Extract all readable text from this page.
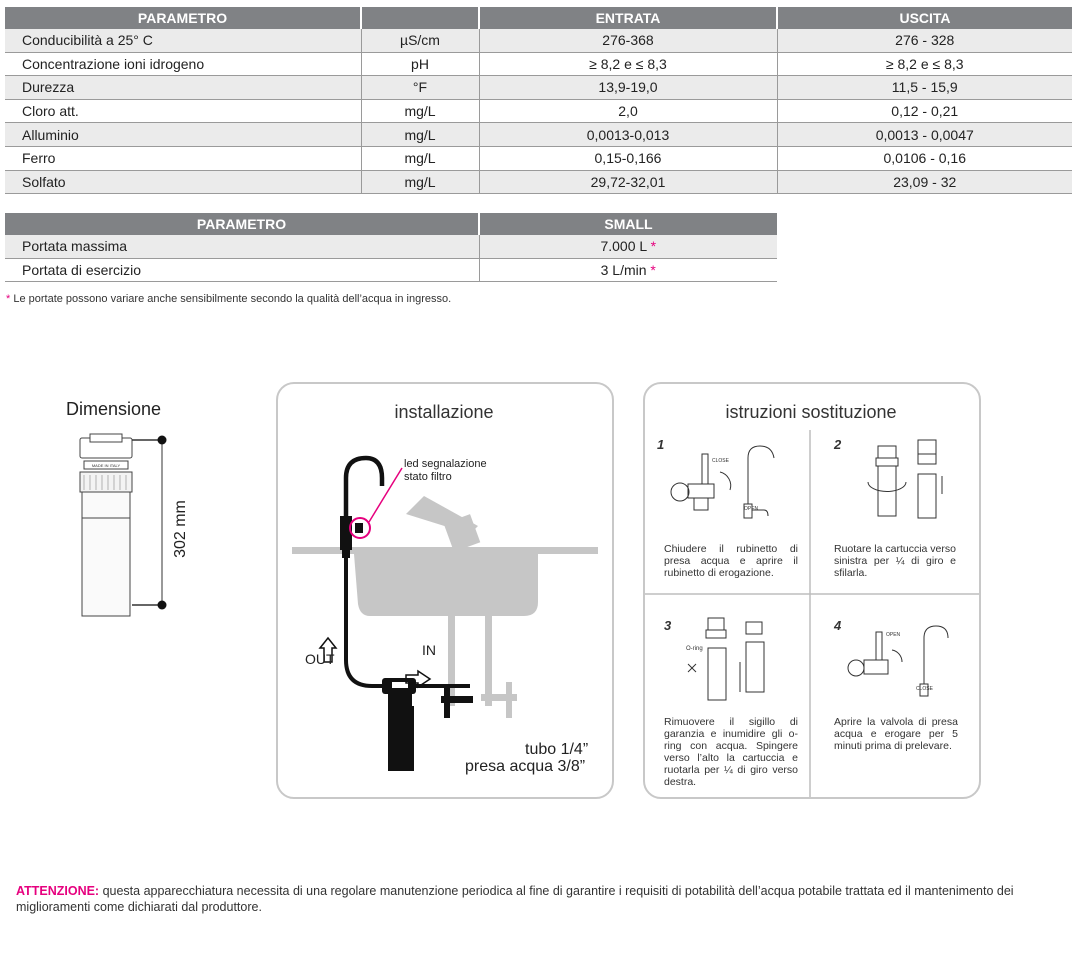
PARAMETRO		ENTRATA	USCITA
Conducibilità a 25° C	µS/cm	276-368	276 - 328
Concentrazione ioni idrogeno	pH	≥ 8,2 e ≤ 8,3	≥ 8,2 e ≤ 8,3
Durezza	°F	13,9-19,0	11,5 - 15,9
Cloro att.	mg/L	2,0	0,12 - 0,21
Alluminio	mg/L	0,0013-0,013	0,0013 - 0,0047
Ferro	mg/L	0,15-0,166	0,0106 - 0,16
Solfato	mg/L	29,72-32,01	23,09 - 32
PARAMETRO	SMALL
Portata massima	7.000 L *
Portata di esercizio	3 L/min *
* Le portate possono variare anche sensibilmente secondo la qualità dell’acqua in ingresso.
Dimensione
MADE IN ITALY
302 mm
installazione
led segnalazione
stato filtro
OUT
IN
tubo 1/4”
presa acqua 3/8”
istruzioni sostituzione
1
CLOSE
OPEN
Chiudere il rubinetto di presa acqua e aprire il rubinetto di erogazione.
2
Ruotare la cartuccia verso sinistra per ¼ di giro e sfilarla.
3
O-ring
Rimuovere il sigillo di garanzia e inumidire gli o-ring con acqua. Spingere verso l’alto la cartuccia e ruotarla per ¼ di giro verso destra.
4
OPEN
CLOSE
Aprire la valvola di presa acqua e erogare per 5 minuti prima di prelevare.
ATTENZIONE: questa apparecchiatura necessita di una regolare manutenzione periodica al fine di garantire i requisiti di potabilità dell’acqua potabile trattata ed il mantenimento dei miglioramenti come dichiarati dal produttore.
